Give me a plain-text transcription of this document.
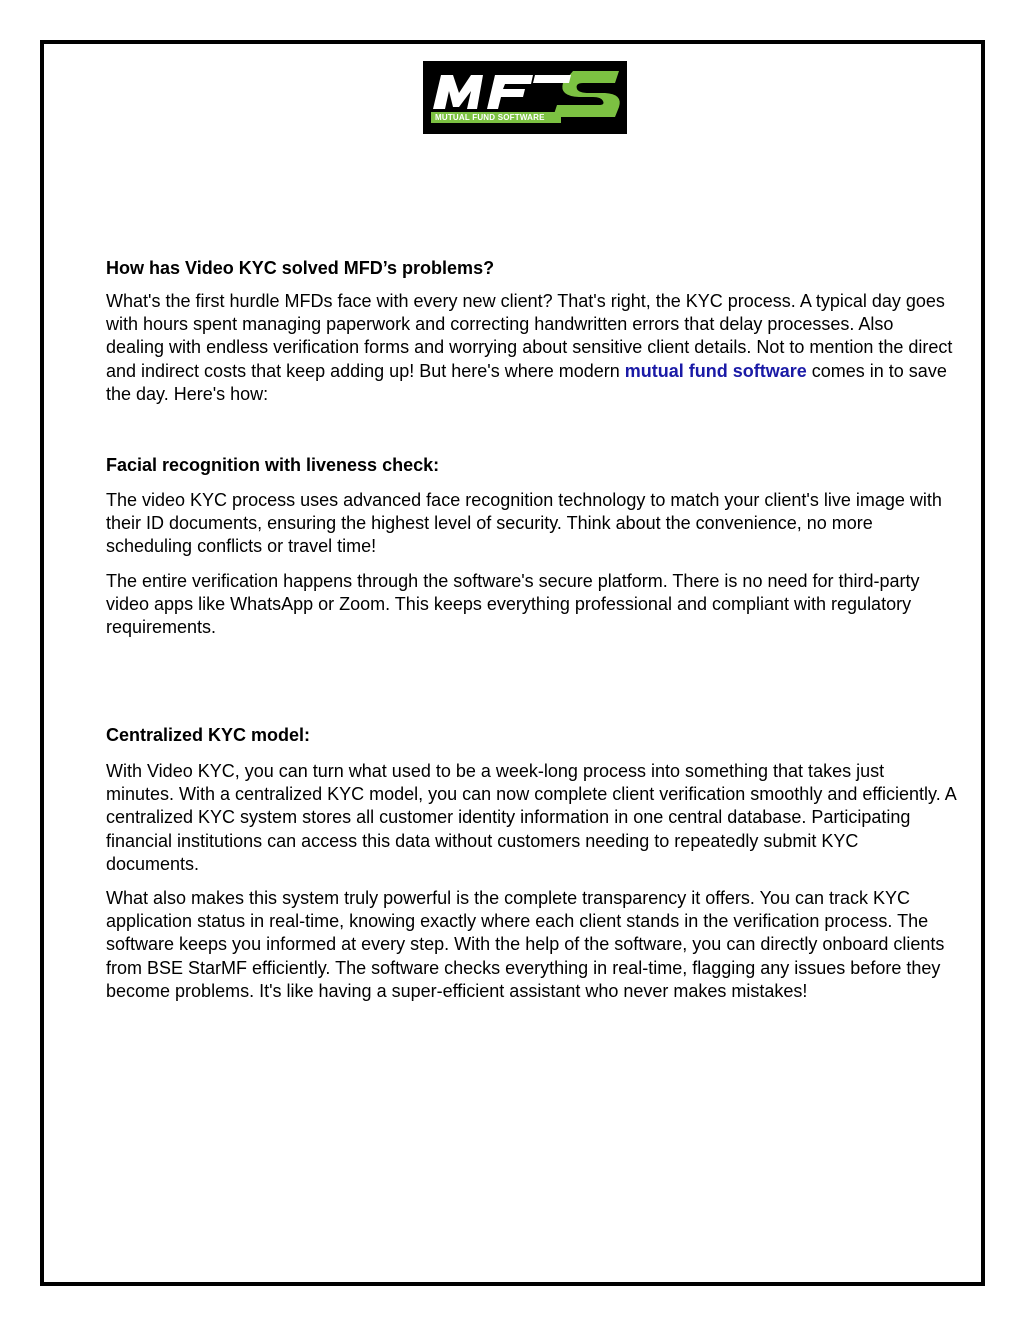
MUTUAL FUND SOFTWARE
How has Video KYC solved MFD’s problems?
What's the first hurdle MFDs face with every new client? That's right, the KYC process. A typical day goes with hours spent managing paperwork and correcting handwritten errors that delay processes. Also dealing with endless verification forms and worrying about sensitive client details. Not to mention the direct and indirect costs that keep adding up! But here's where modern mutual fund software comes in to save the day. Here's how:
Facial recognition with liveness check:
The video KYC process uses advanced face recognition technology to match your client's live image with their ID documents, ensuring the highest level of security. Think about the convenience, no more scheduling conflicts or travel time!
The entire verification happens through the software's secure platform. There is no need for third-party video apps like WhatsApp or Zoom. This keeps everything professional and compliant with regulatory requirements.
Centralized KYC model:
With Video KYC, you can turn what used to be a week-long process into something that takes just minutes. With a centralized KYC model, you can now complete client verification smoothly and efficiently. A centralized KYC system stores all customer identity information in one central database. Participating financial institutions can access this data without customers needing to repeatedly submit KYC documents.
What also makes this system truly powerful is the complete transparency it offers. You can track KYC application status in real-time, knowing exactly where each client stands in the verification process. The software keeps you informed at every step. With the help of the software, you can directly onboard clients from BSE StarMF efficiently. The software checks everything in real-time, flagging any issues before they become problems. It's like having a super-efficient assistant who never makes mistakes!
